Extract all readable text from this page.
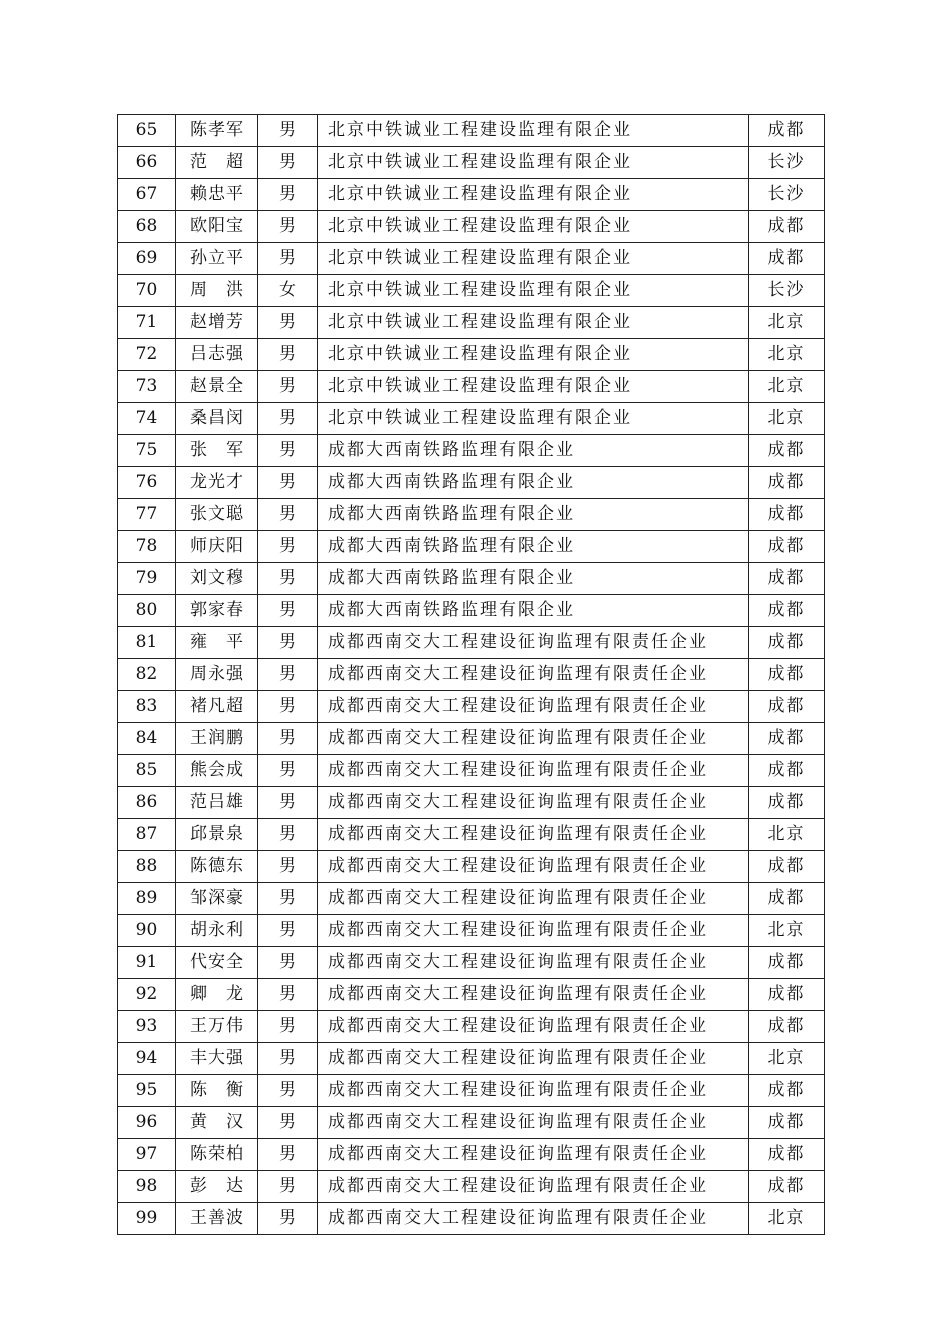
65	陈孝军	男	北京中铁诚业工程建设监理有限企业	成都
66	范　超	男	北京中铁诚业工程建设监理有限企业	长沙
67	赖忠平	男	北京中铁诚业工程建设监理有限企业	长沙
68	欧阳宝	男	北京中铁诚业工程建设监理有限企业	成都
69	孙立平	男	北京中铁诚业工程建设监理有限企业	成都
70	周　洪	女	北京中铁诚业工程建设监理有限企业	长沙
71	赵增芳	男	北京中铁诚业工程建设监理有限企业	北京
72	吕志强	男	北京中铁诚业工程建设监理有限企业	北京
73	赵景全	男	北京中铁诚业工程建设监理有限企业	北京
74	桑昌闵	男	北京中铁诚业工程建设监理有限企业	北京
75	张　军	男	成都大西南铁路监理有限企业	成都
76	龙光才	男	成都大西南铁路监理有限企业	成都
77	张文聪	男	成都大西南铁路监理有限企业	成都
78	师庆阳	男	成都大西南铁路监理有限企业	成都
79	刘文穆	男	成都大西南铁路监理有限企业	成都
80	郭家春	男	成都大西南铁路监理有限企业	成都
81	雍　平	男	成都西南交大工程建设征询监理有限责任企业	成都
82	周永强	男	成都西南交大工程建设征询监理有限责任企业	成都
83	褚凡超	男	成都西南交大工程建设征询监理有限责任企业	成都
84	王润鹏	男	成都西南交大工程建设征询监理有限责任企业	成都
85	熊会成	男	成都西南交大工程建设征询监理有限责任企业	成都
86	范吕雄	男	成都西南交大工程建设征询监理有限责任企业	成都
87	邱景泉	男	成都西南交大工程建设征询监理有限责任企业	北京
88	陈德东	男	成都西南交大工程建设征询监理有限责任企业	成都
89	邹深豪	男	成都西南交大工程建设征询监理有限责任企业	成都
90	胡永利	男	成都西南交大工程建设征询监理有限责任企业	北京
91	代安全	男	成都西南交大工程建设征询监理有限责任企业	成都
92	卿　龙	男	成都西南交大工程建设征询监理有限责任企业	成都
93	王万伟	男	成都西南交大工程建设征询监理有限责任企业	成都
94	丰大强	男	成都西南交大工程建设征询监理有限责任企业	北京
95	陈　衡	男	成都西南交大工程建设征询监理有限责任企业	成都
96	黄　汉	男	成都西南交大工程建设征询监理有限责任企业	成都
97	陈荣柏	男	成都西南交大工程建设征询监理有限责任企业	成都
98	彭　达	男	成都西南交大工程建设征询监理有限责任企业	成都
99	王善波	男	成都西南交大工程建设征询监理有限责任企业	北京
